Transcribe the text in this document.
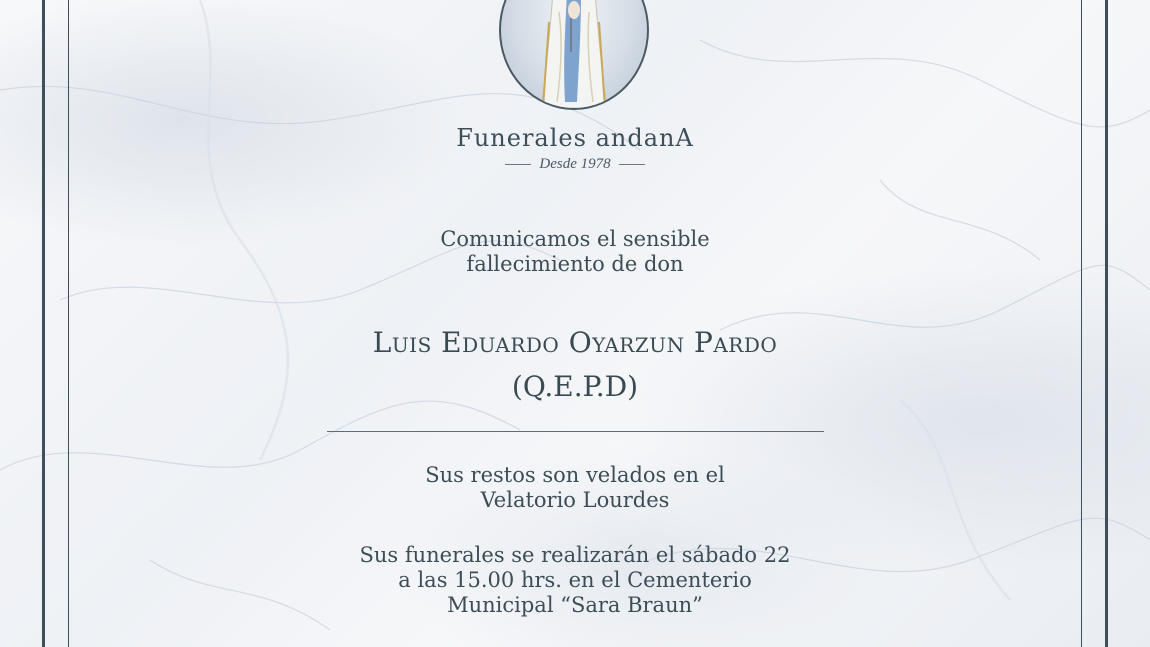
Funerales andanA
Desde 1978
Comunicamos el sensible
fallecimiento de don
Luis Eduardo Oyarzun Pardo
(Q.E.P.D)
Sus restos son velados en el
Velatorio Lourdes
Sus funerales se realizarán el sábado 22
a las 15.00 hrs. en el Cementerio
Municipal “Sara Braun”
